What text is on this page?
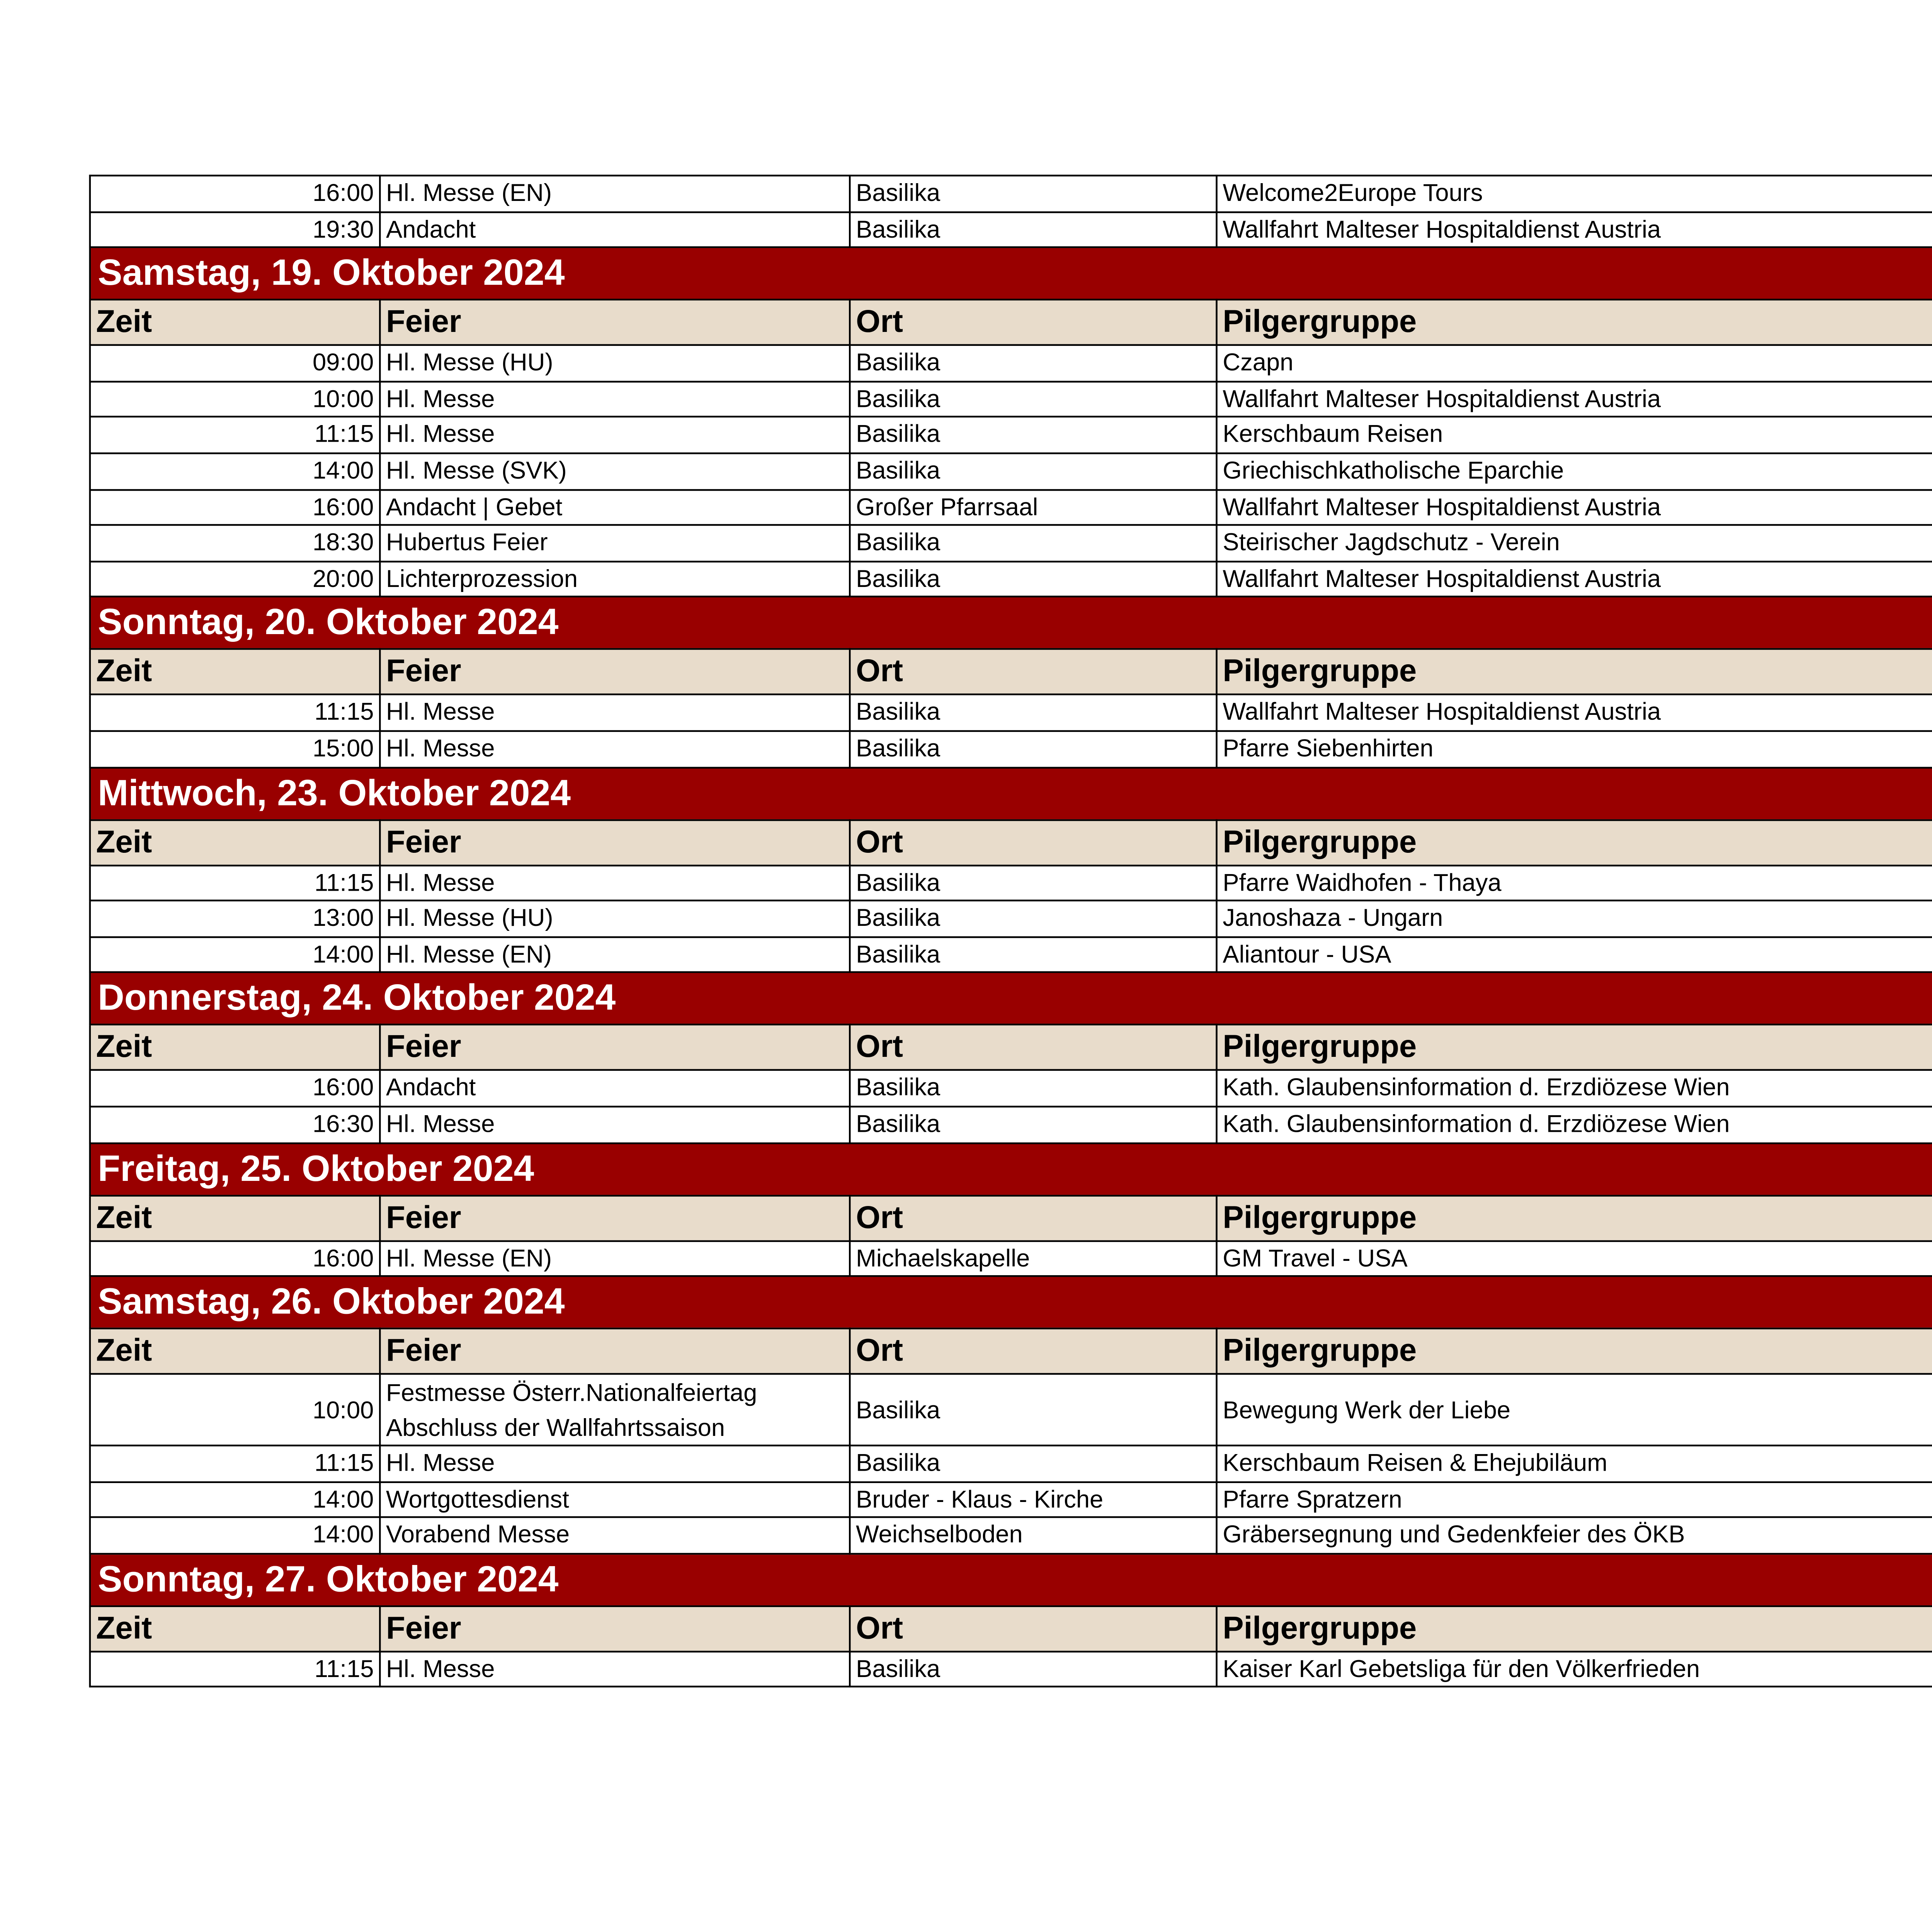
16:00	Hl. Messe (EN)	Basilika	Welcome2Europe Tours
19:30	Andacht	Basilika	Wallfahrt Malteser Hospitaldienst Austria
Samstag, 19. Oktober 2024			
Zeit	Feier	Ort	Pilgergruppe
09:00	Hl. Messe (HU)	Basilika	Czapn
10:00	Hl. Messe	Basilika	Wallfahrt Malteser Hospitaldienst Austria
11:15	Hl. Messe	Basilika	Kerschbaum Reisen
14:00	Hl. Messe (SVK)	Basilika	Griechischkatholische Eparchie
16:00	Andacht | Gebet	Großer Pfarrsaal	Wallfahrt Malteser Hospitaldienst Austria
18:30	Hubertus Feier	Basilika	Steirischer Jagdschutz - Verein
20:00	Lichterprozession	Basilika	Wallfahrt Malteser Hospitaldienst Austria
Sonntag, 20. Oktober 2024			
Zeit	Feier	Ort	Pilgergruppe
11:15	Hl. Messe	Basilika	Wallfahrt Malteser Hospitaldienst Austria
15:00	Hl. Messe	Basilika	Pfarre Siebenhirten
Mittwoch, 23. Oktober 2024			
Zeit	Feier	Ort	Pilgergruppe
11:15	Hl. Messe	Basilika	Pfarre Waidhofen - Thaya
13:00	Hl. Messe (HU)	Basilika	Janoshaza - Ungarn
14:00	Hl. Messe (EN)	Basilika	Aliantour - USA
Donnerstag, 24. Oktober 2024			
Zeit	Feier	Ort	Pilgergruppe
16:00	Andacht	Basilika	Kath. Glaubensinformation d. Erzdiözese Wien
16:30	Hl. Messe	Basilika	Kath. Glaubensinformation d. Erzdiözese Wien
Freitag, 25. Oktober 2024			
Zeit	Feier	Ort	Pilgergruppe
16:00	Hl. Messe (EN)	Michaelskapelle	GM Travel - USA
Samstag, 26. Oktober 2024			
Zeit	Feier	Ort	Pilgergruppe
10:00	Festmesse Österr.Nationalfeiertag
Abschluss der Wallfahrtssaison	Basilika	Bewegung Werk der Liebe
11:15	Hl. Messe	Basilika	Kerschbaum Reisen & Ehejubiläum
14:00	Wortgottesdienst	Bruder - Klaus - Kirche	Pfarre Spratzern
14:00	Vorabend Messe	Weichselboden	Gräbersegnung und Gedenkfeier des ÖKB
Sonntag, 27. Oktober 2024			
Zeit	Feier	Ort	Pilgergruppe
11:15	Hl. Messe	Basilika	Kaiser Karl Gebetsliga für den Völkerfrieden
